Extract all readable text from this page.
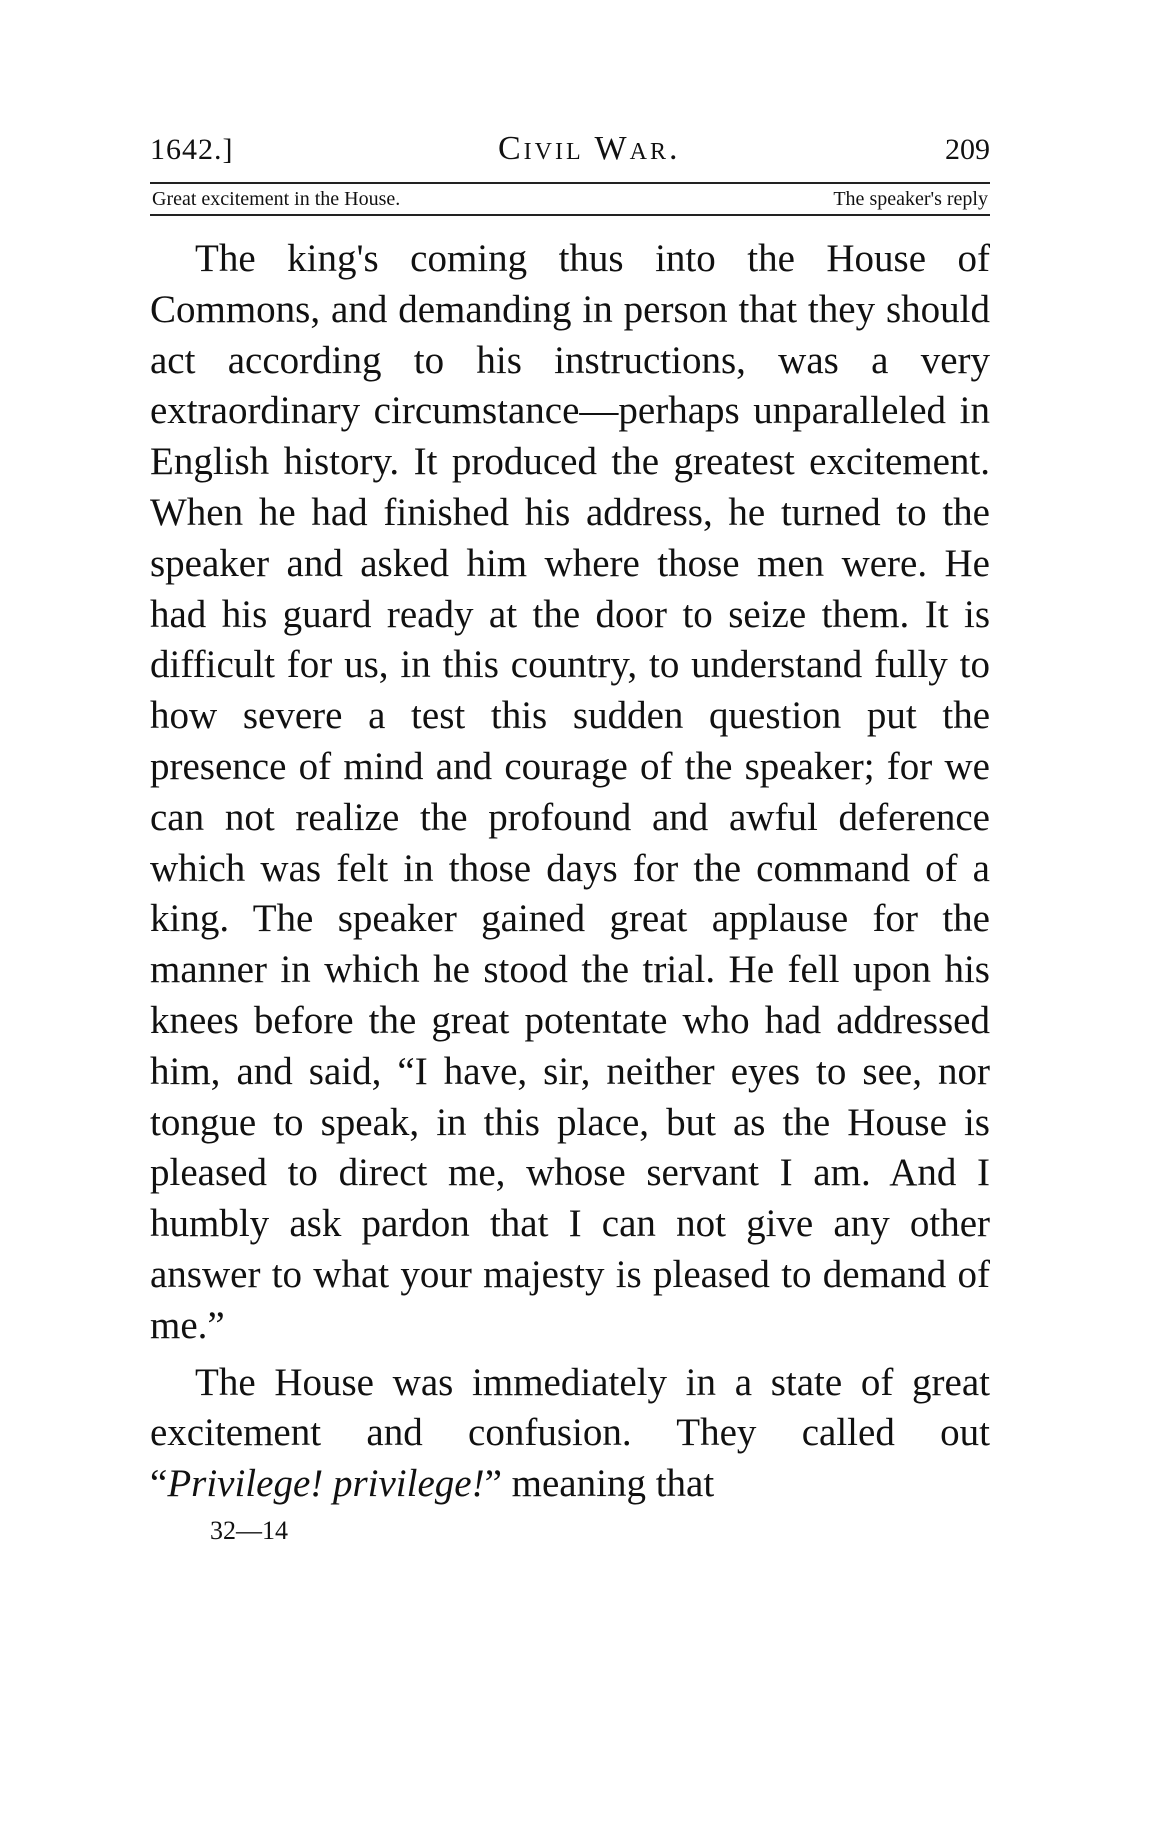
1642.]	Civil War.	209
Great excitement in the House.	The speaker's reply

The king's coming thus into the House of Commons, and demanding in person that they should act according to his instructions, was a very extraordinary circumstance—perhaps unparalleled in English history. It produced the greatest excitement. When he had finished his address, he turned to the speaker and asked him where those men were. He had his guard ready at the door to seize them. It is difficult for us, in this country, to understand fully to how severe a test this sudden question put the presence of mind and courage of the speaker; for we can not realize the profound and awful deference which was felt in those days for the command of a king. The speaker gained great applause for the manner in which he stood the trial. He fell upon his knees before the great potentate who had addressed him, and said, “I have, sir, neither eyes to see, nor tongue to speak, in this place, but as the House is pleased to direct me, whose servant I am. And I humbly ask pardon that I can not give any other answer to what your majesty is pleased to demand of me.”

The House was immediately in a state of great excitement and confusion. They called out “Privilege! privilege!” meaning that

32—14
